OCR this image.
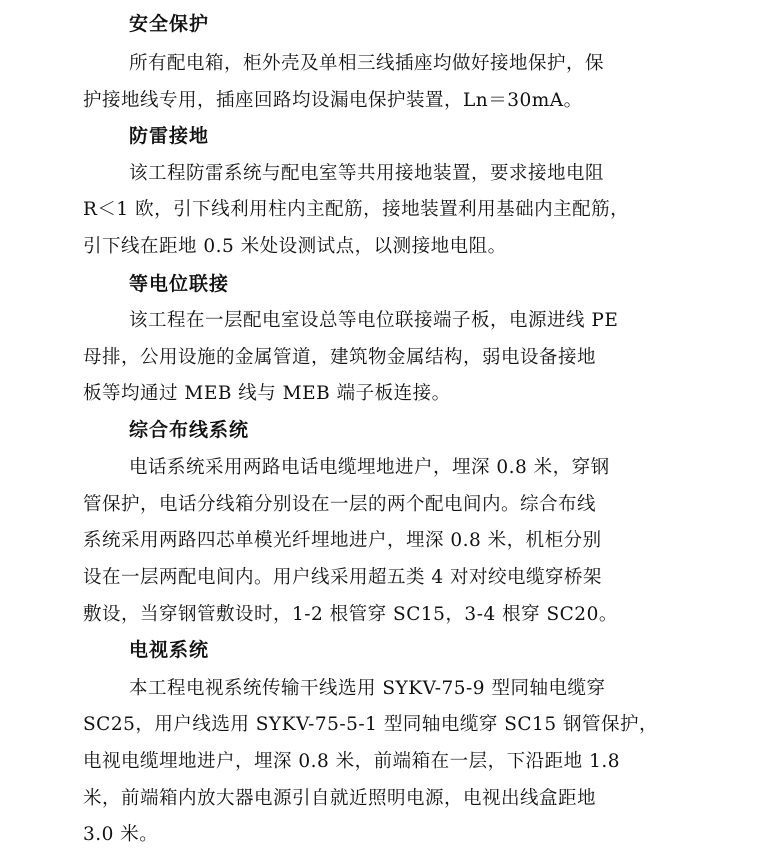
安全保护
所有配电箱，柜外壳及单相三线插座均做好接地保护，保
护接地线专用，插座回路均设漏电保护装置，Ln＝30mA。
防雷接地
该工程防雷系统与配电室等共用接地装置，要求接地电阻
R＜1 欧，引下线利用柱内主配筋，接地装置利用基础内主配筋，
引下线在距地 0.5 米处设测试点，以测接地电阻。
等电位联接
该工程在一层配电室设总等电位联接端子板，电源进线 PE
母排，公用设施的金属管道，建筑物金属结构，弱电设备接地
板等均通过 MEB 线与 MEB 端子板连接。
综合布线系统
电话系统采用两路电话电缆埋地进户，埋深 0.8 米，穿钢
管保护，电话分线箱分别设在一层的两个配电间内。综合布线
系统采用两路四芯单模光纤埋地进户，埋深 0.8 米，机柜分别
设在一层两配电间内。用户线采用超五类 4 对对绞电缆穿桥架
敷设，当穿钢管敷设时，1-2 根管穿 SC15，3-4 根穿 SC20。
电视系统
本工程电视系统传输干线选用 SYKV-75-9 型同轴电缆穿
SC25，用户线选用 SYKV-75-5-1 型同轴电缆穿 SC15 钢管保护，
电视电缆埋地进户，埋深 0.8 米，前端箱在一层，下沿距地 1.8
米，前端箱内放大器电源引自就近照明电源，电视出线盒距地
3.0 米。
